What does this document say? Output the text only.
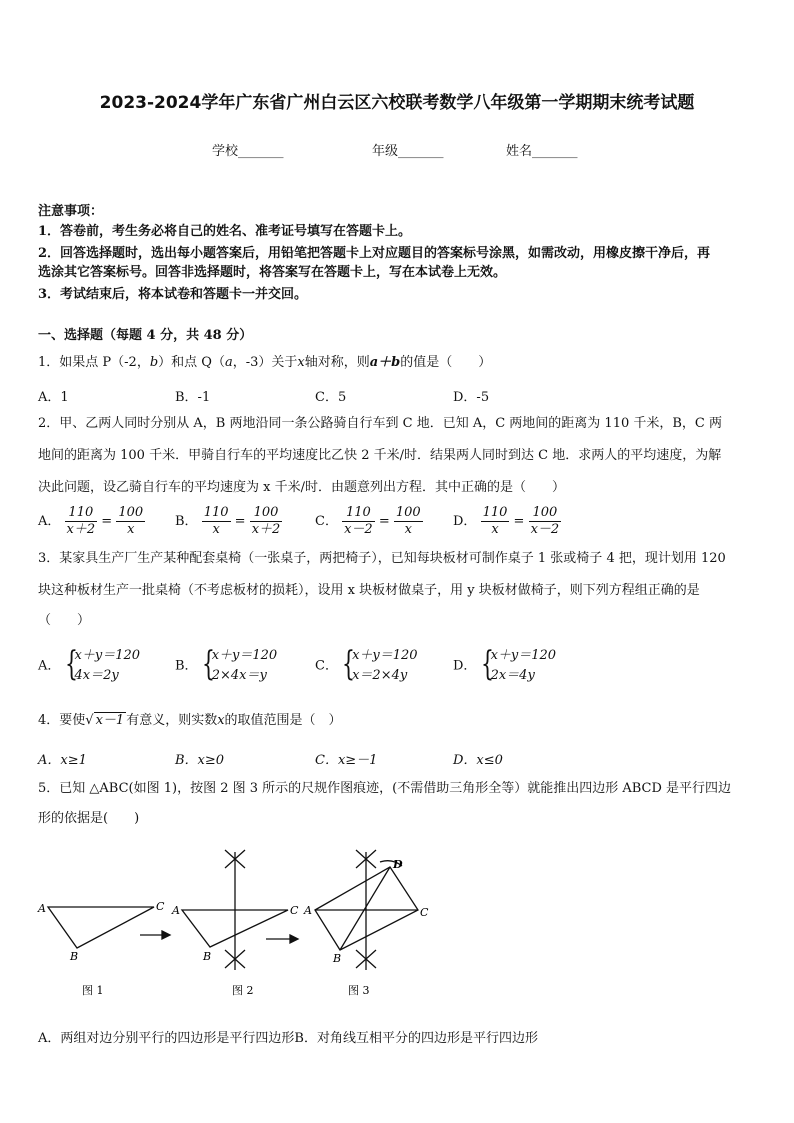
2023-2024学年广东省广州白云区六校联考数学八年级第一学期期末统考试题
学校_______	年级_______	姓名_______
注意事项：
1．答卷前，考生务必将自己的姓名、准考证号填写在答题卡上。
2．回答选择题时，选出每小题答案后，用铅笔把答题卡上对应题目的答案标号涂黑，如需改动，用橡皮擦干净后，再
选涂其它答案标号。回答非选择题时，将答案写在答题卡上，写在本试卷上无效。
3．考试结束后，将本试卷和答题卡一并交回。
一、选择题（每题 4 分，共 48 分）
1．如果点 P（-2，b）和点 Q（a，-3）关于x轴对称，则a＋b的值是（　　）
A．1	B．-1	C．5	D．-5
2．甲、乙两人同时分别从 A，B 两地沿同一条公路骑自行车到 C 地．已知 A，C 两地间的距离为 110 千米，B，C 两
地间的距离为 100 千米．甲骑自行车的平均速度比乙快 2 千米/时．结果两人同时到达 C 地．求两人的平均速度，为解
决此问题，设乙骑自行车的平均速度为 x 千米/时．由题意列出方程．其中正确的是（　　）
A． $\frac{110}{x+2} = \frac{100}{x}$ B． $\frac{110}{x} = \frac{100}{x+2}$	C． $\frac{110}{x-2} = \frac{100}{x}$ D． $\frac{110}{x} = \frac{100}{x-2}$
3．某家具生产厂生产某种配套桌椅（一张桌子，两把椅子），已知每块板材可制作桌子 1 张或椅子 4 把，现计划用 120
块这种板材生产一批桌椅（不考虑板材的损耗），设用 x 块板材做桌子，用 y 块板材做椅子，则下列方程组正确的是
（　　）
A． {
x＋y＝120
4x＝2y
B． {
x＋y＝120
2×4x＝y
C． {
x＋y＝120
x＝2×4y
D． {
x＋y＝120
2x＝4y
4．要使√ x－1 有意义，则实数x的取值范围是（　）
A．x≥1	B．x≥0	C．x≥－1	D．x≤0
5．已知 △ABC(如图 1)，按图 2 图 3 所示的尺规作图痕迹，(不需借助三角形全等）就能推出四边形 ABCD 是平行四边
形的依据是(　　)
A	C
B
图 1
A	C
B
图 2
A	C
B
D
图 3
A．两组对边分别平行的四边形是平行四边形B．对角线互相平分的四边形是平行四边形
